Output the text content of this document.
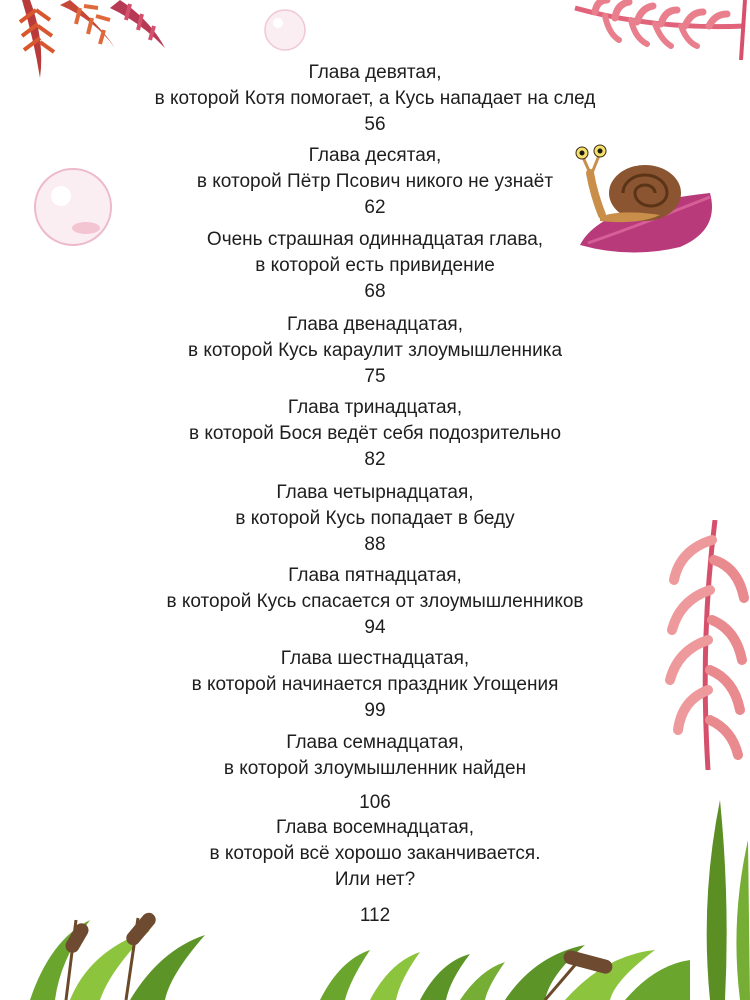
Глава девятая,
в которой Котя помогает, а Кусь нападает на след
56
Глава десятая,
в которой Пётр Псович никого не узнаёт
62
Очень страшная одиннадцатая глава,
в которой есть привидение
68
Глава двенадцатая,
в которой Кусь караулит злоумышленника
75
Глава тринадцатая,
в которой Бося ведёт себя подозрительно
82
Глава четырнадцатая,
в которой Кусь попадает в беду
88
Глава пятнадцатая,
в которой Кусь спасается от злоумышленников
94
Глава шестнадцатая,
в которой начинается праздник Угощения
99
Глава семнадцатая,
в которой злоумышленник найден
106
Глава восемнадцатая,
в которой всё хорошо заканчивается.
Или нет?
112
